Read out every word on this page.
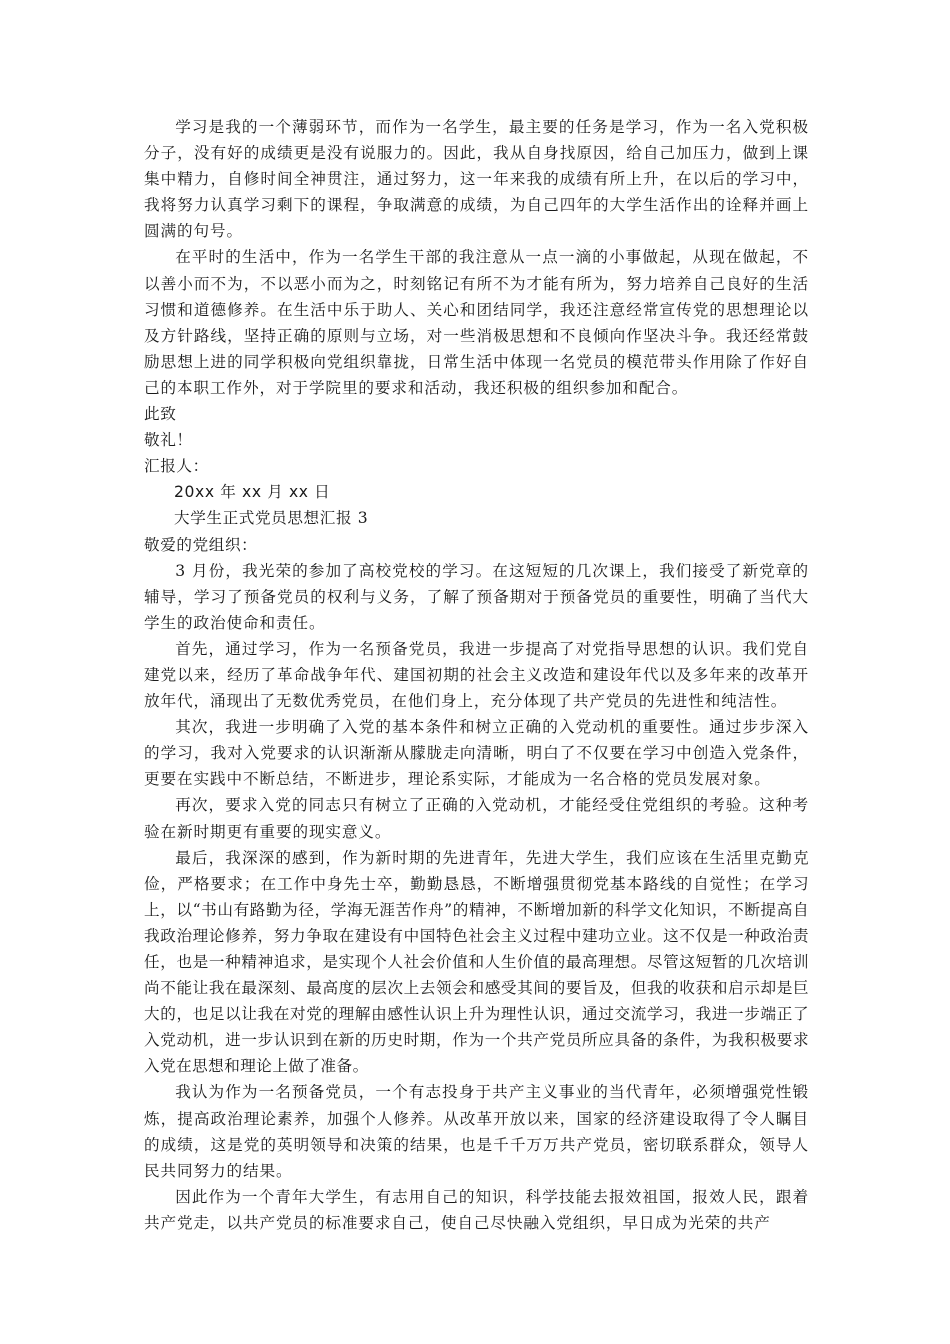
学习是我的一个薄弱环节，而作为一名学生，最主要的任务是学习，作为一名入党积极分子，没有好的成绩更是没有说服力的。因此，我从自身找原因，给自己加压力，做到上课集中精力，自修时间全神贯注，通过努力，这一年来我的成绩有所上升，在以后的学习中，我将努力认真学习剩下的课程，争取满意的成绩，为自己四年的大学生活作出的诠释并画上圆满的句号。

在平时的生活中，作为一名学生干部的我注意从一点一滴的小事做起，从现在做起，不以善小而不为，不以恶小而为之，时刻铭记有所不为才能有所为，努力培养自己良好的生活习惯和道德修养。在生活中乐于助人、关心和团结同学，我还注意经常宣传党的思想理论以及方针路线，坚持正确的原则与立场，对一些消极思想和不良倾向作坚决斗争。我还经常鼓励思想上进的同学积极向党组织靠拢，日常生活中体现一名党员的模范带头作用除了作好自己的本职工作外，对于学院里的要求和活动，我还积极的组织参加和配合。

此致

敬礼！

汇报人：

20xx 年 xx 月 xx 日

大学生正式党员思想汇报 3

敬爱的党组织：

3 月份，我光荣的参加了高校党校的学习。在这短短的几次课上，我们接受了新党章的辅导，学习了预备党员的权利与义务，了解了预备期对于预备党员的重要性，明确了当代大学生的政治使命和责任。

首先，通过学习，作为一名预备党员，我进一步提高了对党指导思想的认识。我们党自建党以来，经历了革命战争年代、建国初期的社会主义改造和建设年代以及多年来的改革开放年代，涌现出了无数优秀党员，在他们身上，充分体现了共产党员的先进性和纯洁性。

其次，我进一步明确了入党的基本条件和树立正确的入党动机的重要性。通过步步深入的学习，我对入党要求的认识渐渐从朦胧走向清晰，明白了不仅要在学习中创造入党条件，更要在实践中不断总结，不断进步，理论系实际，才能成为一名合格的党员发展对象。

再次，要求入党的同志只有树立了正确的入党动机，才能经受住党组织的考验。这种考验在新时期更有重要的现实意义。

最后，我深深的感到，作为新时期的先进青年，先进大学生，我们应该在生活里克勤克俭，严格要求；在工作中身先士卒，勤勤恳恳，不断增强贯彻党基本路线的自觉性；在学习上，以“书山有路勤为径，学海无涯苦作舟”的精神，不断增加新的科学文化知识，不断提高自我政治理论修养，努力争取在建设有中国特色社会主义过程中建功立业。这不仅是一种政治责任，也是一种精神追求，是实现个人社会价值和人生价值的最高理想。尽管这短暂的几次培训尚不能让我在最深刻、最高度的层次上去领会和感受其间的要旨及，但我的收获和启示却是巨大的，也足以让我在对党的理解由感性认识上升为理性认识，通过交流学习，我进一步端正了入党动机，进一步认识到在新的历史时期，作为一个共产党员所应具备的条件，为我积极要求入党在思想和理论上做了准备。

我认为作为一名预备党员，一个有志投身于共产主义事业的当代青年，必须增强党性锻炼，提高政治理论素养，加强个人修养。从改革开放以来，国家的经济建设取得了令人瞩目的成绩，这是党的英明领导和决策的结果，也是千千万万共产党员，密切联系群众，领导人民共同努力的结果。

因此作为一个青年大学生，有志用自己的知识，科学技能去报效祖国，报效人民，跟着共产党走，以共产党员的标准要求自己，使自己尽快融入党组织，早日成为光荣的共产
